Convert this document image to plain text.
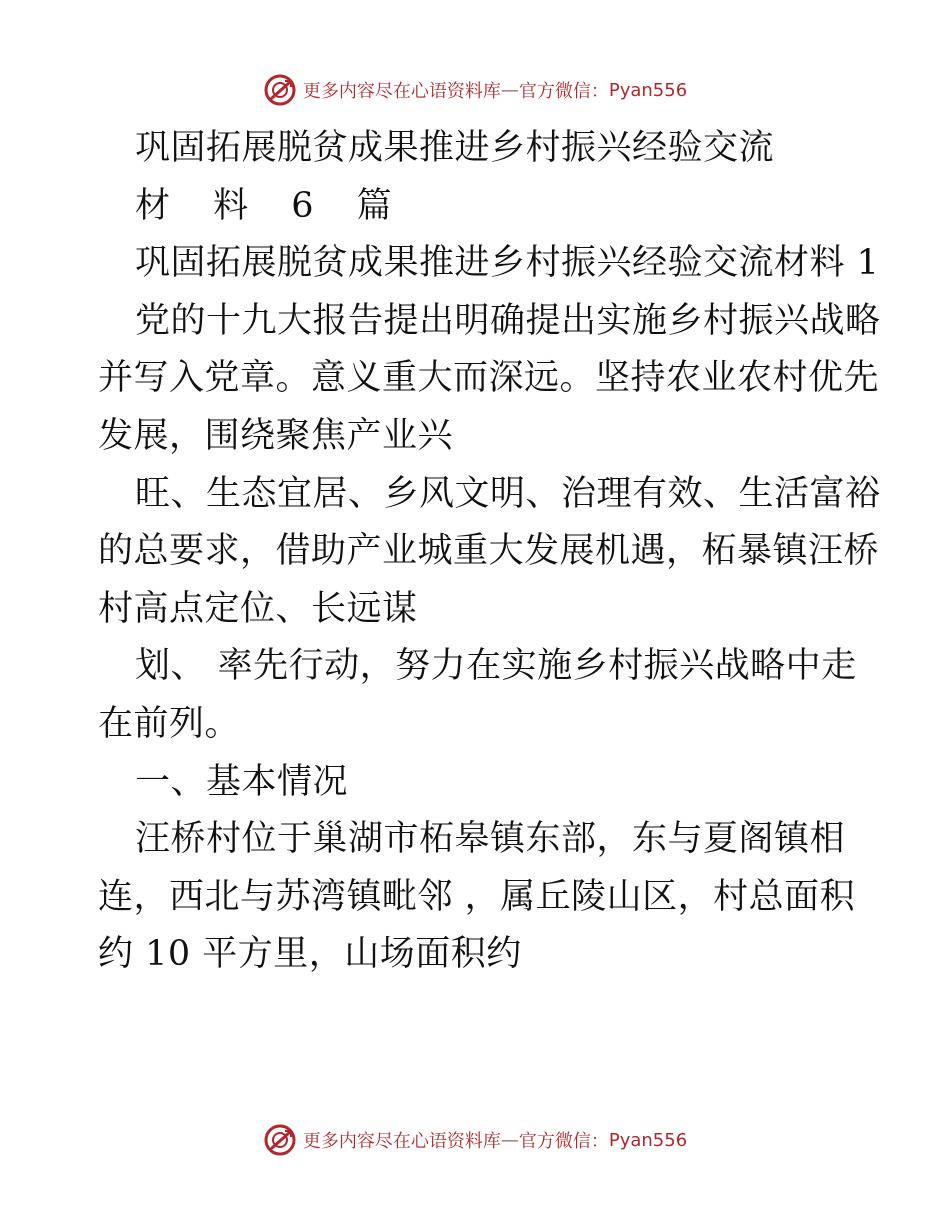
更多内容尽在心语资料库 — 官方微信： Pyan556
巩固拓展脱贫成果推进乡村振兴经验交流
材 料 6 篇
巩固拓展脱贫成果推进乡村振兴经验交流材料 1
党的十九大报告提出明确提出实施乡村振兴战略
并写入党章。意义重大而深远。坚持农业农村优先
发展，围绕聚焦产业兴
旺、生态宜居、乡风文明、治理有效、生活富裕
的总要求，借助产业城重大发展机遇，柘暴镇汪桥
村高点定位、长远谋
划、 率先行动，努力在实施乡村振兴战略中走
在前列。
一、基本情况
汪桥村位于巢湖市柘皋镇东部，东与夏阁镇相
连，西北与苏湾镇毗邻 ，属丘陵山区，村总面积
约 10 平方里，山场面积约
更多内容尽在心语资料库 — 官方微信： Pyan556
